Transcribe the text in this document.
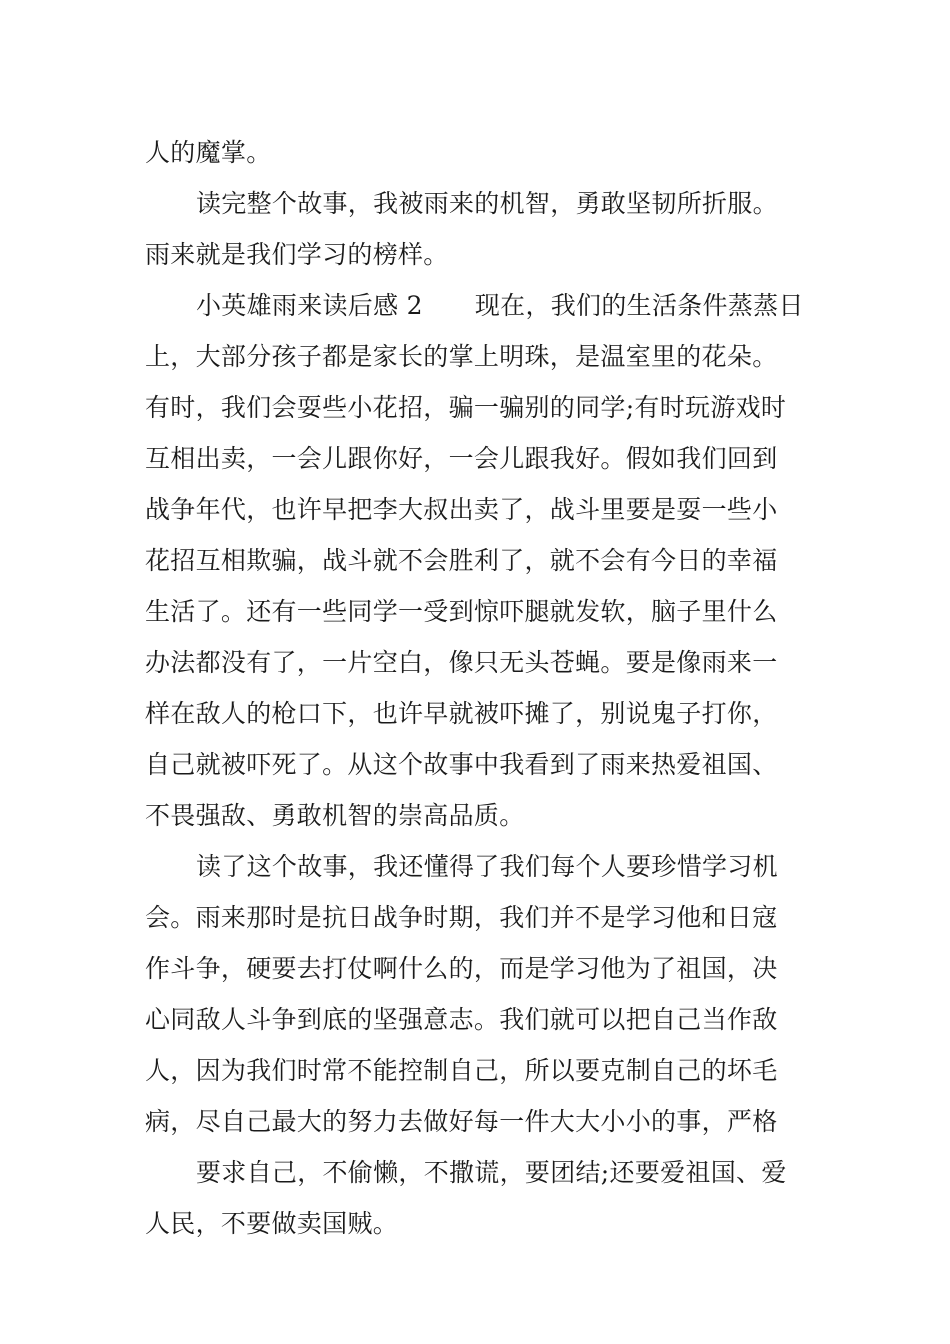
人的魔掌。
读完整个故事，我被雨来的机智，勇敢坚韧所折服。
雨来就是我们学习的榜样。
小英雄雨来读后感 2 现在，我们的生活条件蒸蒸日
上，大部分孩子都是家长的掌上明珠，是温室里的花朵。
有时，我们会耍些小花招，骗一骗别的同学;有时玩游戏时
互相出卖，一会儿跟你好，一会儿跟我好。假如我们回到
战争年代，也许早把李大叔出卖了，战斗里要是耍一些小
花招互相欺骗，战斗就不会胜利了，就不会有今日的幸福
生活了。还有一些同学一受到惊吓腿就发软，脑子里什么
办法都没有了，一片空白，像只无头苍蝇。要是像雨来一
样在敌人的枪口下，也许早就被吓摊了，别说鬼子打你，
自己就被吓死了。从这个故事中我看到了雨来热爱祖国、
不畏强敌、勇敢机智的崇高品质。
读了这个故事，我还懂得了我们每个人要珍惜学习机
会。雨来那时是抗日战争时期，我们并不是学习他和日寇
作斗争，硬要去打仗啊什么的，而是学习他为了祖国，决
心同敌人斗争到底的坚强意志。我们就可以把自己当作敌
人，因为我们时常不能控制自己，所以要克制自己的坏毛
病，尽自己最大的努力去做好每一件大大小小的事，严格
要求自己，不偷懒，不撒谎，要团结;还要爱祖国、爱
人民，不要做卖国贼。
